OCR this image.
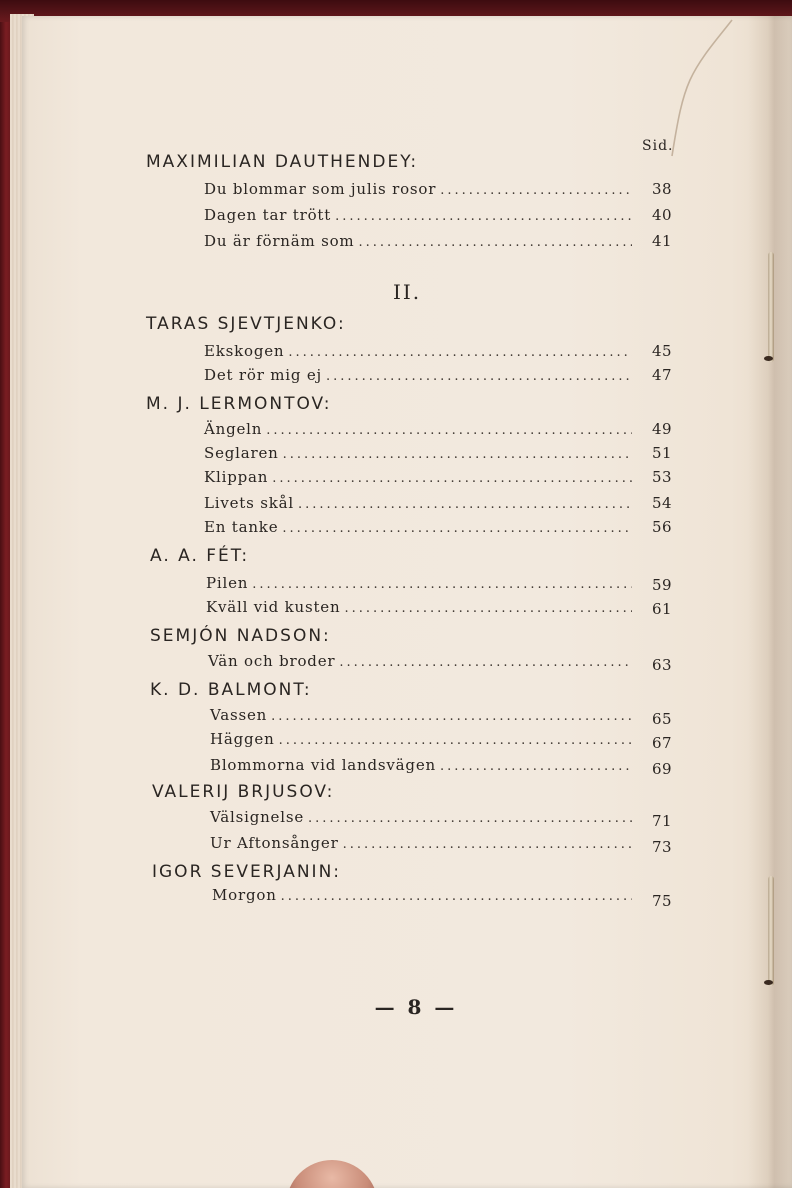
Sid.
II.
— 8 —
MAXIMILIAN DAUTHENDEY:
Du blommar som julis rosor .....	38
Dagen tar trött .....	40
Du är förnäm som .....	41
TARAS SJEVTJENKO:
Ekskogen .....	45
Det rör mig ej .....	47
M. J. LERMONTOV:
Ängeln .....	49
Seglaren .....	51
Klippan .....	53
Livets skål .....	54
En tanke .....	56
A. A. FÉT:
Pilen .....	59
Kväll vid kusten .....	61
SEMJÓN NADSON:
Vän och broder .....	63
K. D. BALMONT:
Vassen .....	65
Häggen .....	67
Blommorna vid landsvägen .....	69
VALERIJ BRJUSOV:
Välsignelse .....	71
Ur Aftonsånger .....	73
IGOR SEVERJANIN:
Morgon .....	75
